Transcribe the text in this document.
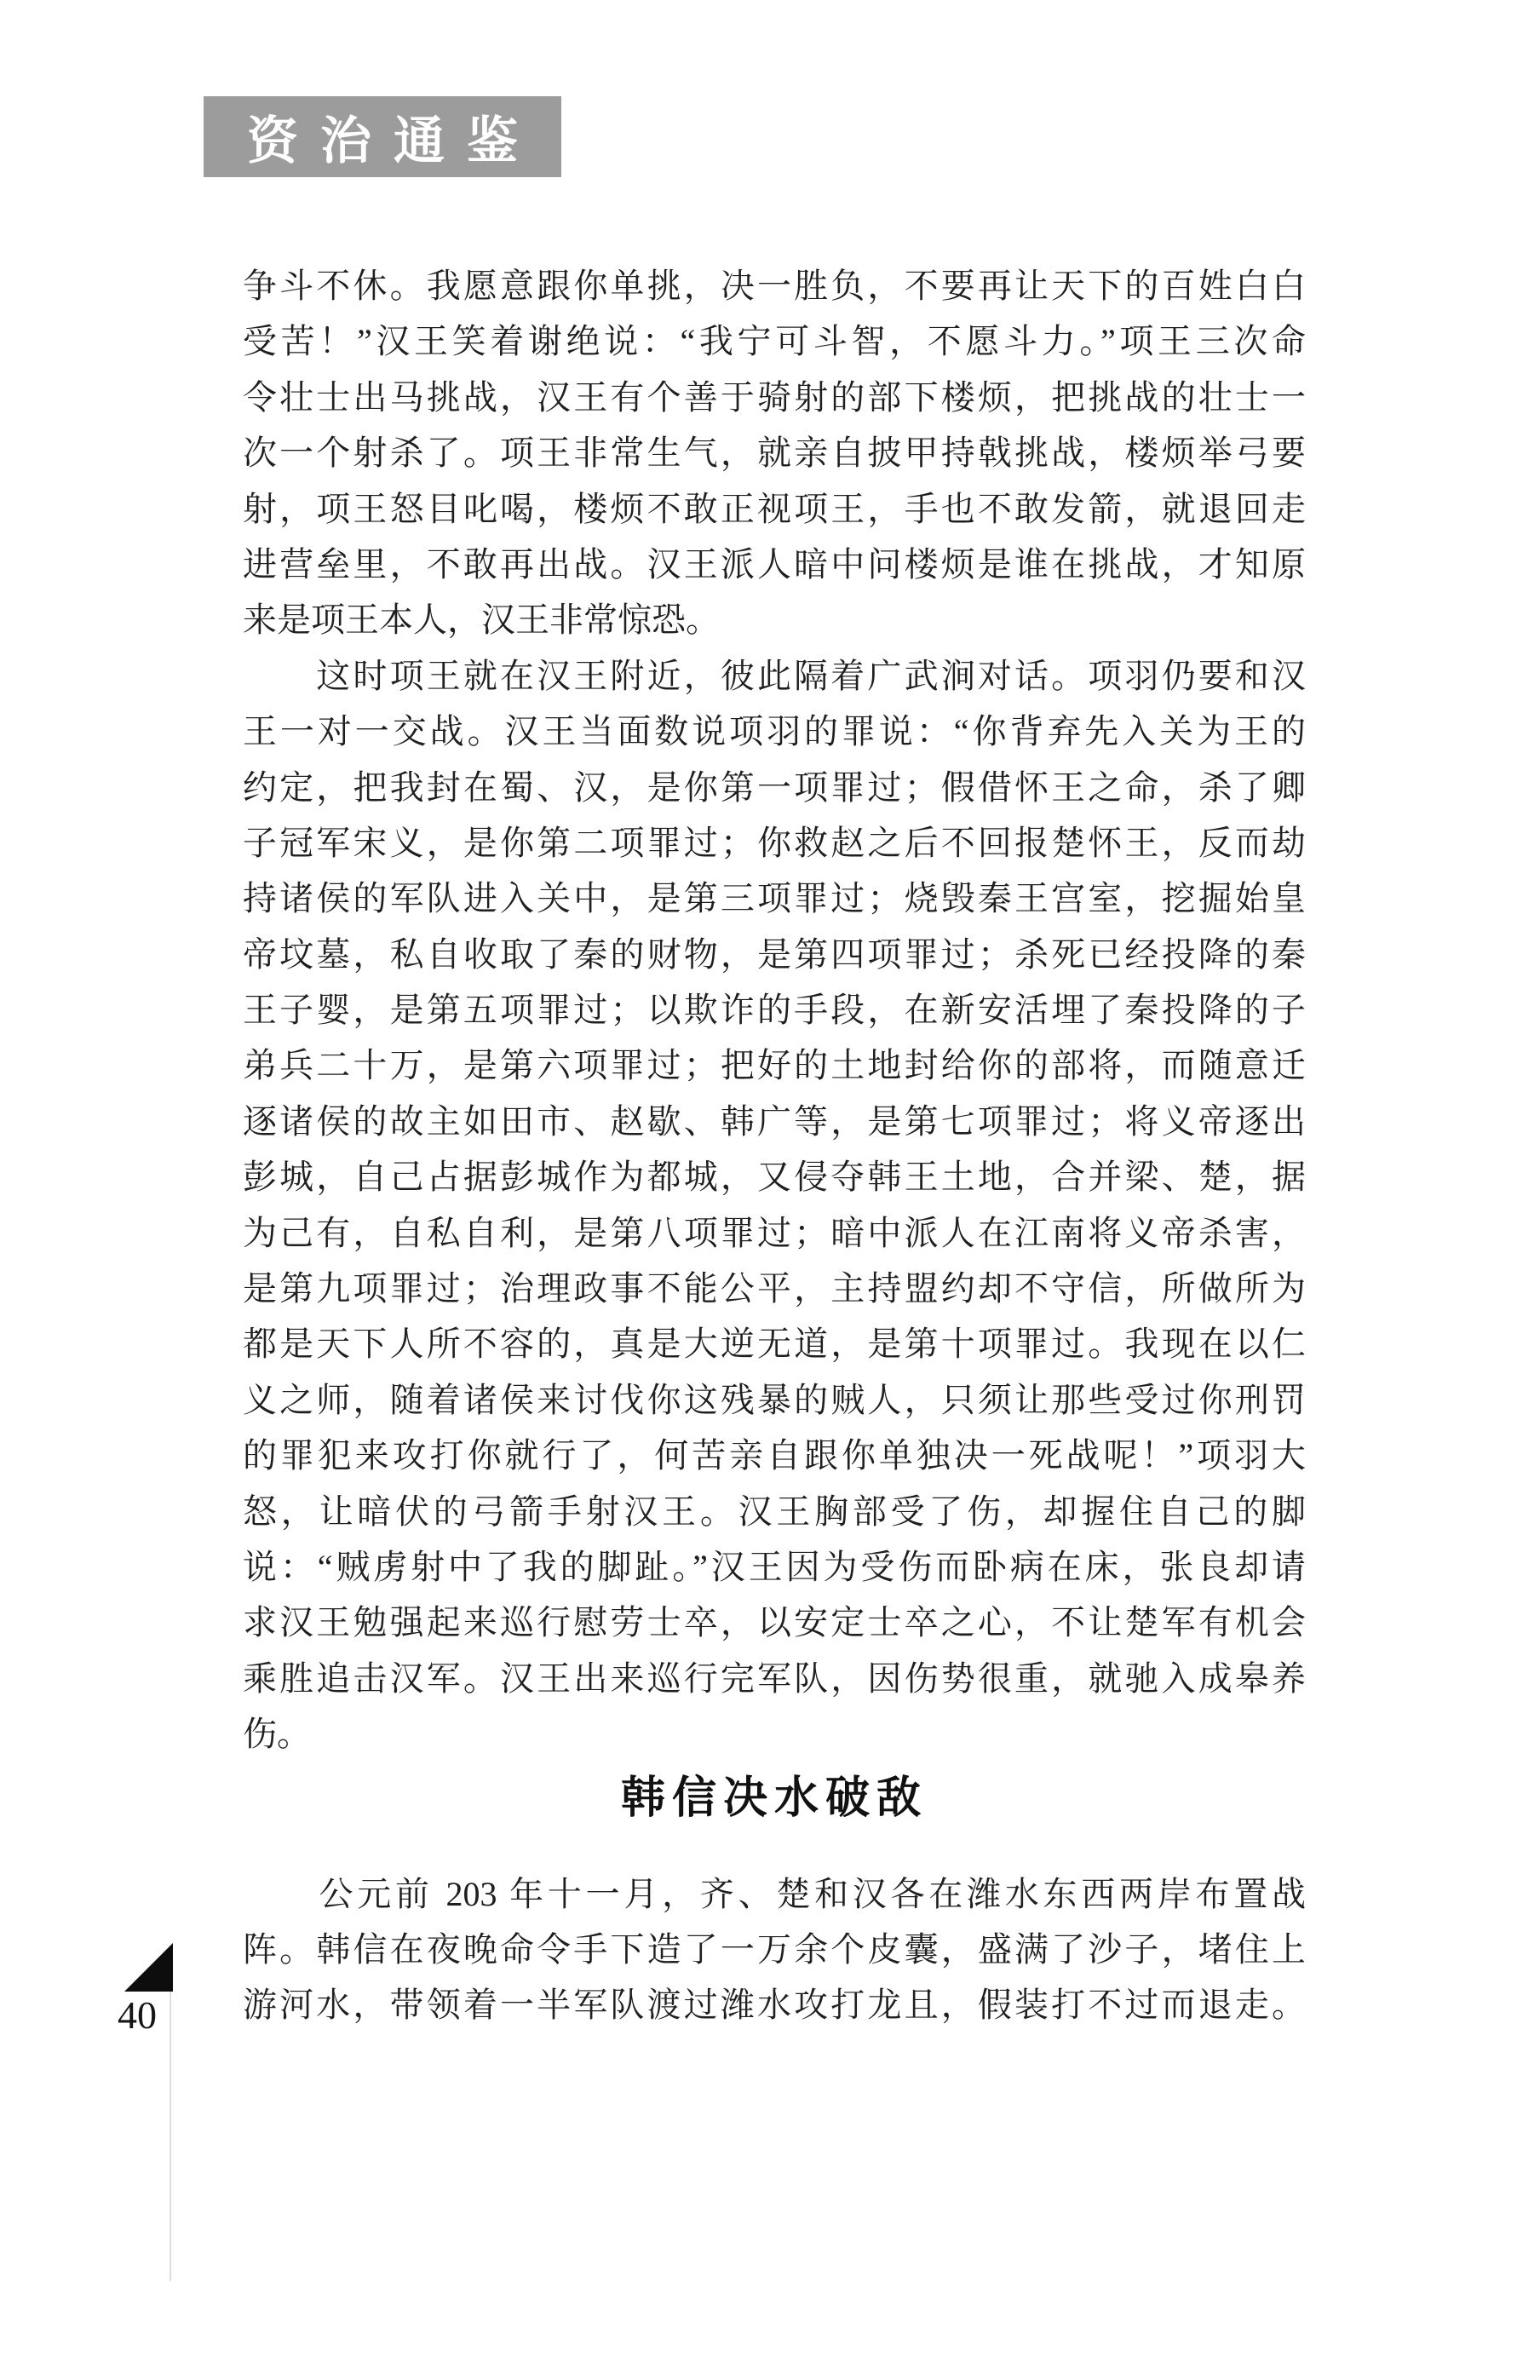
资治通鉴
争斗不休。我愿意跟你单挑，决一胜负，不要再让天下的百姓白白
受苦！”汉王笑着谢绝说：“我宁可斗智，不愿斗力。”项王三次命
令壮士出马挑战，汉王有个善于骑射的部下楼烦，把挑战的壮士一
次一个射杀了。项王非常生气，就亲自披甲持戟挑战，楼烦举弓要
射，项王怒目叱喝，楼烦不敢正视项王，手也不敢发箭，就退回走
进营垒里，不敢再出战。汉王派人暗中问楼烦是谁在挑战，才知原
来是项王本人，汉王非常惊恐。
　　这时项王就在汉王附近，彼此隔着广武涧对话。项羽仍要和汉
王一对一交战。汉王当面数说项羽的罪说：“你背弃先入关为王的
约定，把我封在蜀、汉，是你第一项罪过；假借怀王之命，杀了卿
子冠军宋义，是你第二项罪过；你救赵之后不回报楚怀王，反而劫
持诸侯的军队进入关中，是第三项罪过；烧毁秦王宫室，挖掘始皇
帝坟墓，私自收取了秦的财物，是第四项罪过；杀死已经投降的秦
王子婴，是第五项罪过；以欺诈的手段，在新安活埋了秦投降的子
弟兵二十万，是第六项罪过；把好的土地封给你的部将，而随意迁
逐诸侯的故主如田市、赵歇、韩广等，是第七项罪过；将义帝逐出
彭城，自己占据彭城作为都城，又侵夺韩王土地，合并梁、楚，据
为己有，自私自利，是第八项罪过；暗中派人在江南将义帝杀害，
是第九项罪过；治理政事不能公平，主持盟约却不守信，所做所为
都是天下人所不容的，真是大逆无道，是第十项罪过。我现在以仁
义之师，随着诸侯来讨伐你这残暴的贼人，只须让那些受过你刑罚
的罪犯来攻打你就行了，何苦亲自跟你单独决一死战呢！”项羽大
怒，让暗伏的弓箭手射汉王。汉王胸部受了伤，却握住自己的脚
说：“贼虏射中了我的脚趾。”汉王因为受伤而卧病在床，张良却请
求汉王勉强起来巡行慰劳士卒，以安定士卒之心，不让楚军有机会
乘胜追击汉军。汉王出来巡行完军队，因伤势很重，就驰入成皋养
伤。
韩信决水破敌
　　公元前 203 年十一月，齐、楚和汉各在潍水东西两岸布置战
阵。韩信在夜晚命令手下造了一万余个皮囊，盛满了沙子，堵住上
游河水，带领着一半军队渡过潍水攻打龙且，假装打不过而退走。
40
